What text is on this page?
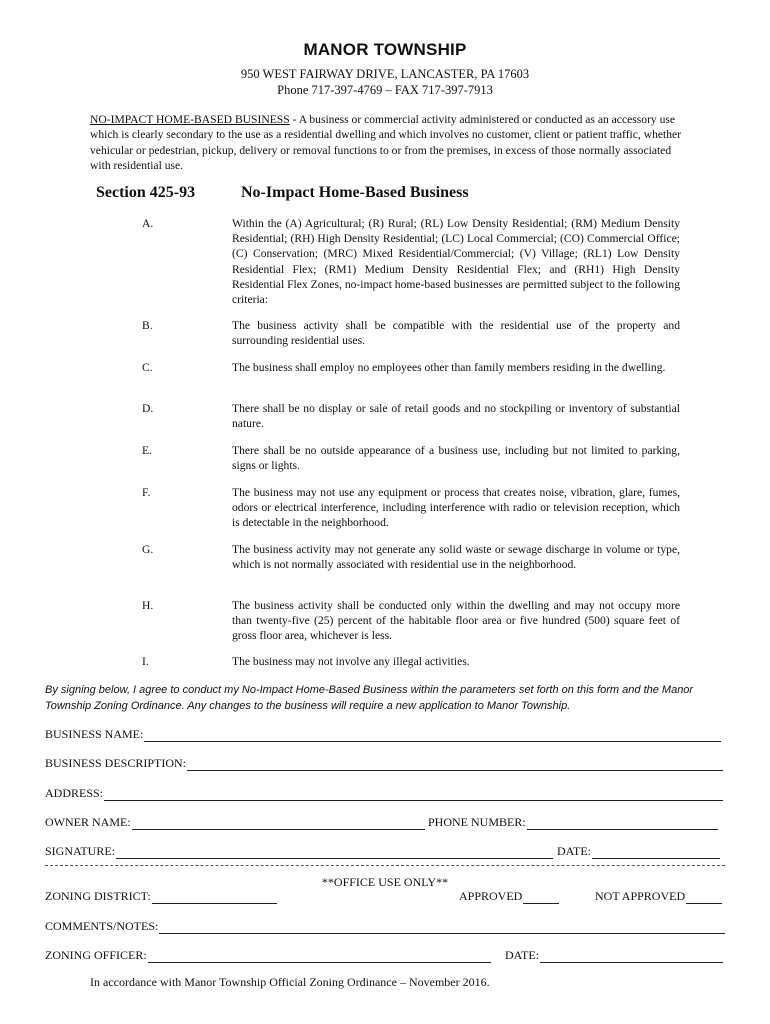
MANOR TOWNSHIP
950 WEST FAIRWAY DRIVE, LANCASTER, PA 17603
Phone 717-397-4769 – FAX 717-397-7913
NO-IMPACT HOME-BASED BUSINESS - A business or commercial activity administered or conducted as an accessory use which is clearly secondary to the use as a residential dwelling and which involves no customer, client or patient traffic, whether vehicular or pedestrian, pickup, delivery or removal functions to or from the premises, in excess of those normally associated with residential use.
Section 425-93	No-Impact Home-Based Business
A.	Within the (A) Agricultural; (R) Rural; (RL) Low Density Residential; (RM) Medium Density Residential; (RH) High Density Residential; (LC) Local Commercial; (CO) Commercial Office; (C) Conservation; (MRC) Mixed Residential/Commercial; (V) Village; (RL1) Low Density Residential Flex; (RM1) Medium Density Residential Flex; and (RH1) High Density Residential Flex Zones, no-impact home-based businesses are permitted subject to the following criteria:
B.	The business activity shall be compatible with the residential use of the property and surrounding residential uses.
C.	The business shall employ no employees other than family members residing in the dwelling.
D.	There shall be no display or sale of retail goods and no stockpiling or inventory of substantial nature.
E.	There shall be no outside appearance of a business use, including but not limited to parking, signs or lights.
F.	The business may not use any equipment or process that creates noise, vibration, glare, fumes, odors or electrical interference, including interference with radio or television reception, which is detectable in the neighborhood.
G.	The business activity may not generate any solid waste or sewage discharge in volume or type, which is not normally associated with residential use in the neighborhood.
H.	The business activity shall be conducted only within the dwelling and may not occupy more than twenty-five (25) percent of the habitable floor area or five hundred (500) square feet of gross floor area, whichever is less.
I.	The business may not involve any illegal activities.
By signing below, I agree to conduct my No-Impact Home-Based Business within the parameters set forth on this form and the Manor Township Zoning Ordinance. Any changes to the business will require a new application to Manor Township.
BUSINESS NAME:
BUSINESS DESCRIPTION:
ADDRESS:
OWNER NAME:	PHONE NUMBER:
SIGNATURE:	DATE:
**OFFICE USE ONLY**
ZONING DISTRICT:	APPROVED	NOT APPROVED
COMMENTS/NOTES:
ZONING OFFICER:	DATE:
In accordance with Manor Township Official Zoning Ordinance – November 2016.
